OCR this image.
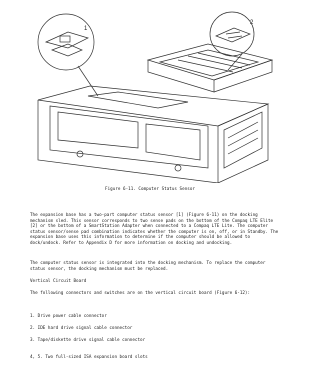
1
2
Figure 6-11. Computer Status Sensor

The expansion base has a two-part computer status sensor [1] (Figure 6-11) on the docking mechanism sled. This sensor corresponds to two sense pads on the bottom of the Compaq LTE Elite [2] or the bottom of a SmartStation Adapter when connected to a Compaq LTE Lite. The computer status sensor/sense pad combination indicates whether the computer is on, off, or in Standby. The expansion base uses this information to determine if the computer should be allowed to dock/undock. Refer to Appendix D for more information on docking and undocking.

The computer status sensor is integrated into the docking mechanism. To replace the computer status sensor, the docking mechanism must be replaced.

Vertical Circuit Board

The following connectors and switches are on the vertical circuit board (Figure 6-12):

1. Drive power cable connector
2. IDE hard drive signal cable connector
3. Tape/diskette drive signal cable connector
4, 5. Two full-sized ISA expansion board slots
